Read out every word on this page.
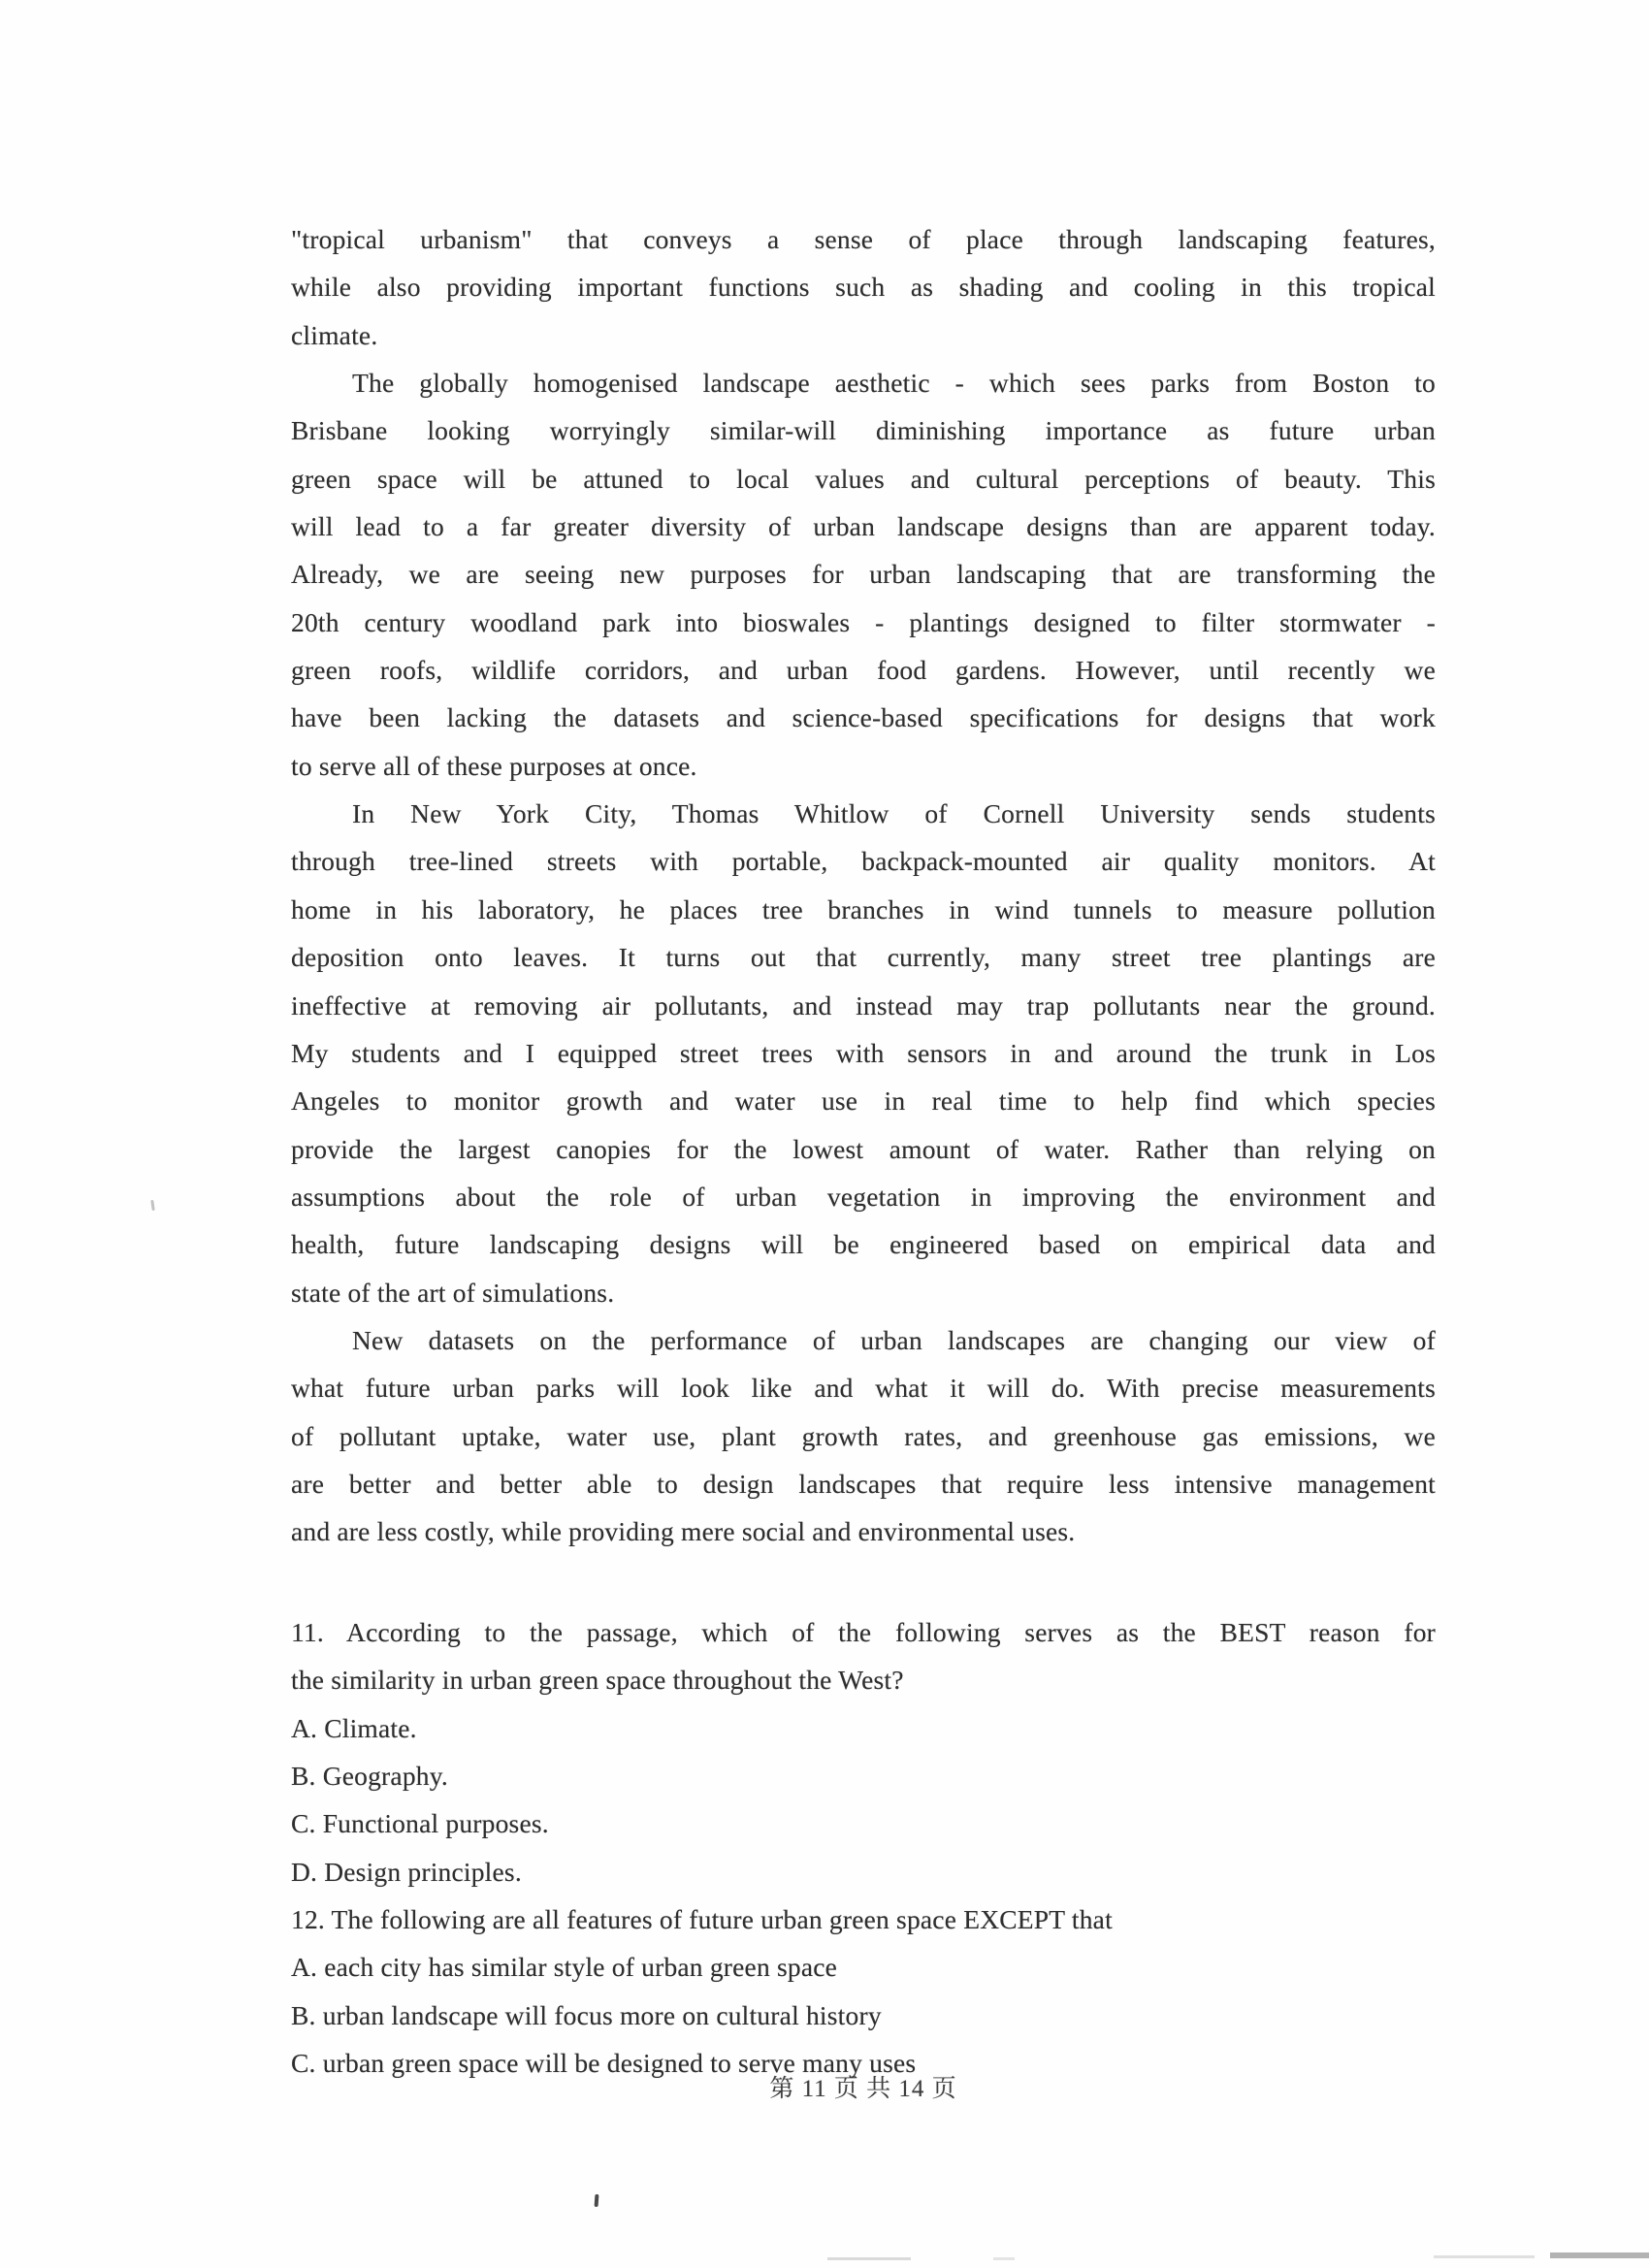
"tropical urbanism" that conveys a sense of place through landscaping features,
while also providing important functions such as shading and cooling in this tropical
climate.
The globally homogenised landscape aesthetic - which sees parks from Boston to
Brisbane looking worryingly similar-will diminishing importance as future urban
green space will be attuned to local values and cultural perceptions of beauty. This
will lead to a far greater diversity of urban landscape designs than are apparent today.
Already, we are seeing new purposes for urban landscaping that are transforming the
20th century woodland park into bioswales - plantings designed to filter stormwater -
green roofs, wildlife corridors, and urban food gardens. However, until recently we
have been lacking the datasets and science-based specifications for designs that work
to serve all of these purposes at once.
In New York City, Thomas Whitlow of Cornell University sends students
through tree-lined streets with portable, backpack-mounted air quality monitors. At
home in his laboratory, he places tree branches in wind tunnels to measure pollution
deposition onto leaves. It turns out that currently, many street tree plantings are
ineffective at removing air pollutants, and instead may trap pollutants near the ground.
My students and I equipped street trees with sensors in and around the trunk in Los
Angeles to monitor growth and water use in real time to help find which species
provide the largest canopies for the lowest amount of water. Rather than relying on
assumptions about the role of urban vegetation in improving the environment and
health, future landscaping designs will be engineered based on empirical data and
state of the art of simulations.
New datasets on the performance of urban landscapes are changing our view of
what future urban parks will look like and what it will do. With precise measurements
of pollutant uptake, water use, plant growth rates, and greenhouse gas emissions, we
are better and better able to design landscapes that require less intensive management
and are less costly, while providing mere social and environmental uses.
11. According to the passage, which of the following serves as the BEST reason for
the similarity in urban green space throughout the West?
A. Climate.
B. Geography.
C. Functional purposes.
D. Design principles.
12. The following are all features of future urban green space EXCEPT that
A. each city has similar style of urban green space
B. urban landscape will focus more on cultural history
C. urban green space will be designed to serve many uses
第 11 页 共 14 页
